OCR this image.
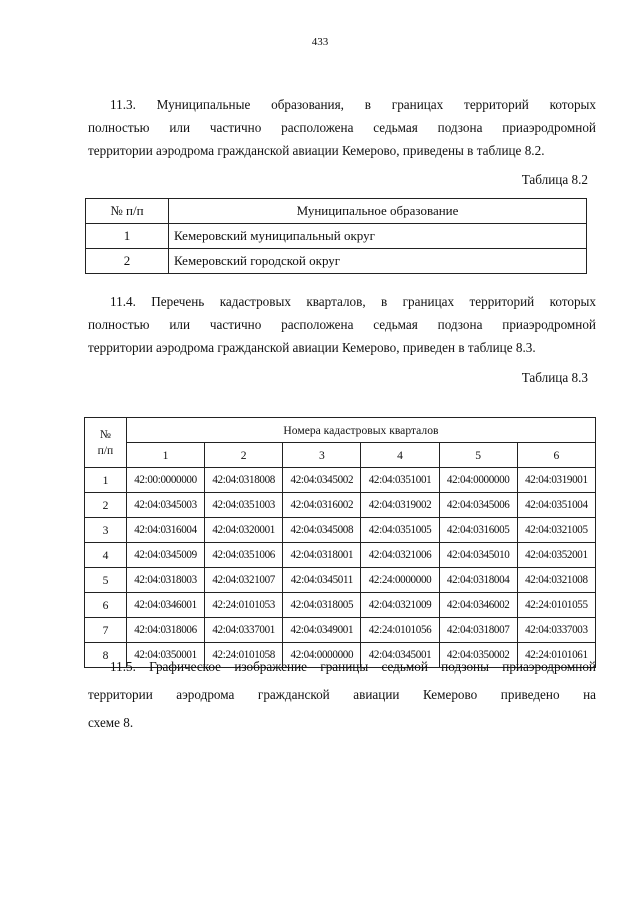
433
11.3. Муниципальные образования, в границах территорий которых
полностью или частично расположена седьмая подзона приаэродромной
территории аэродрома гражданской авиации Кемерово, приведены в таблице 8.2.
Таблица 8.2
№ п/п	Муниципальное образование
1	Кемеровский муниципальный округ
2	Кемеровский городской округ
11.4. Перечень кадастровых кварталов, в границах территорий которых
полностью или частично расположена седьмая подзона приаэродромной
территории аэродрома гражданской авиации Кемерово, приведен в таблице 8.3.
Таблица 8.3
№ п/п	Номера кадастровых кварталов					
	1	2	3	4	5	6
1	42:00:0000000	42:04:0318008	42:04:0345002	42:04:0351001	42:04:0000000	42:04:0319001
2	42:04:0345003	42:04:0351003	42:04:0316002	42:04:0319002	42:04:0345006	42:04:0351004
3	42:04:0316004	42:04:0320001	42:04:0345008	42:04:0351005	42:04:0316005	42:04:0321005
4	42:04:0345009	42:04:0351006	42:04:0318001	42:04:0321006	42:04:0345010	42:04:0352001
5	42:04:0318003	42:04:0321007	42:04:0345011	42:24:0000000	42:04:0318004	42:04:0321008
6	42:04:0346001	42:24:0101053	42:04:0318005	42:04:0321009	42:04:0346002	42:24:0101055
7	42:04:0318006	42:04:0337001	42:04:0349001	42:24:0101056	42:04:0318007	42:04:0337003
8	42:04:0350001	42:24:0101058	42:04:0000000	42:04:0345001	42:04:0350002	42:24:0101061
11.5. Графическое изображение границы седьмой подзоны приаэродромной
территории аэродрома гражданской авиации Кемерово приведено на
схеме 8.
